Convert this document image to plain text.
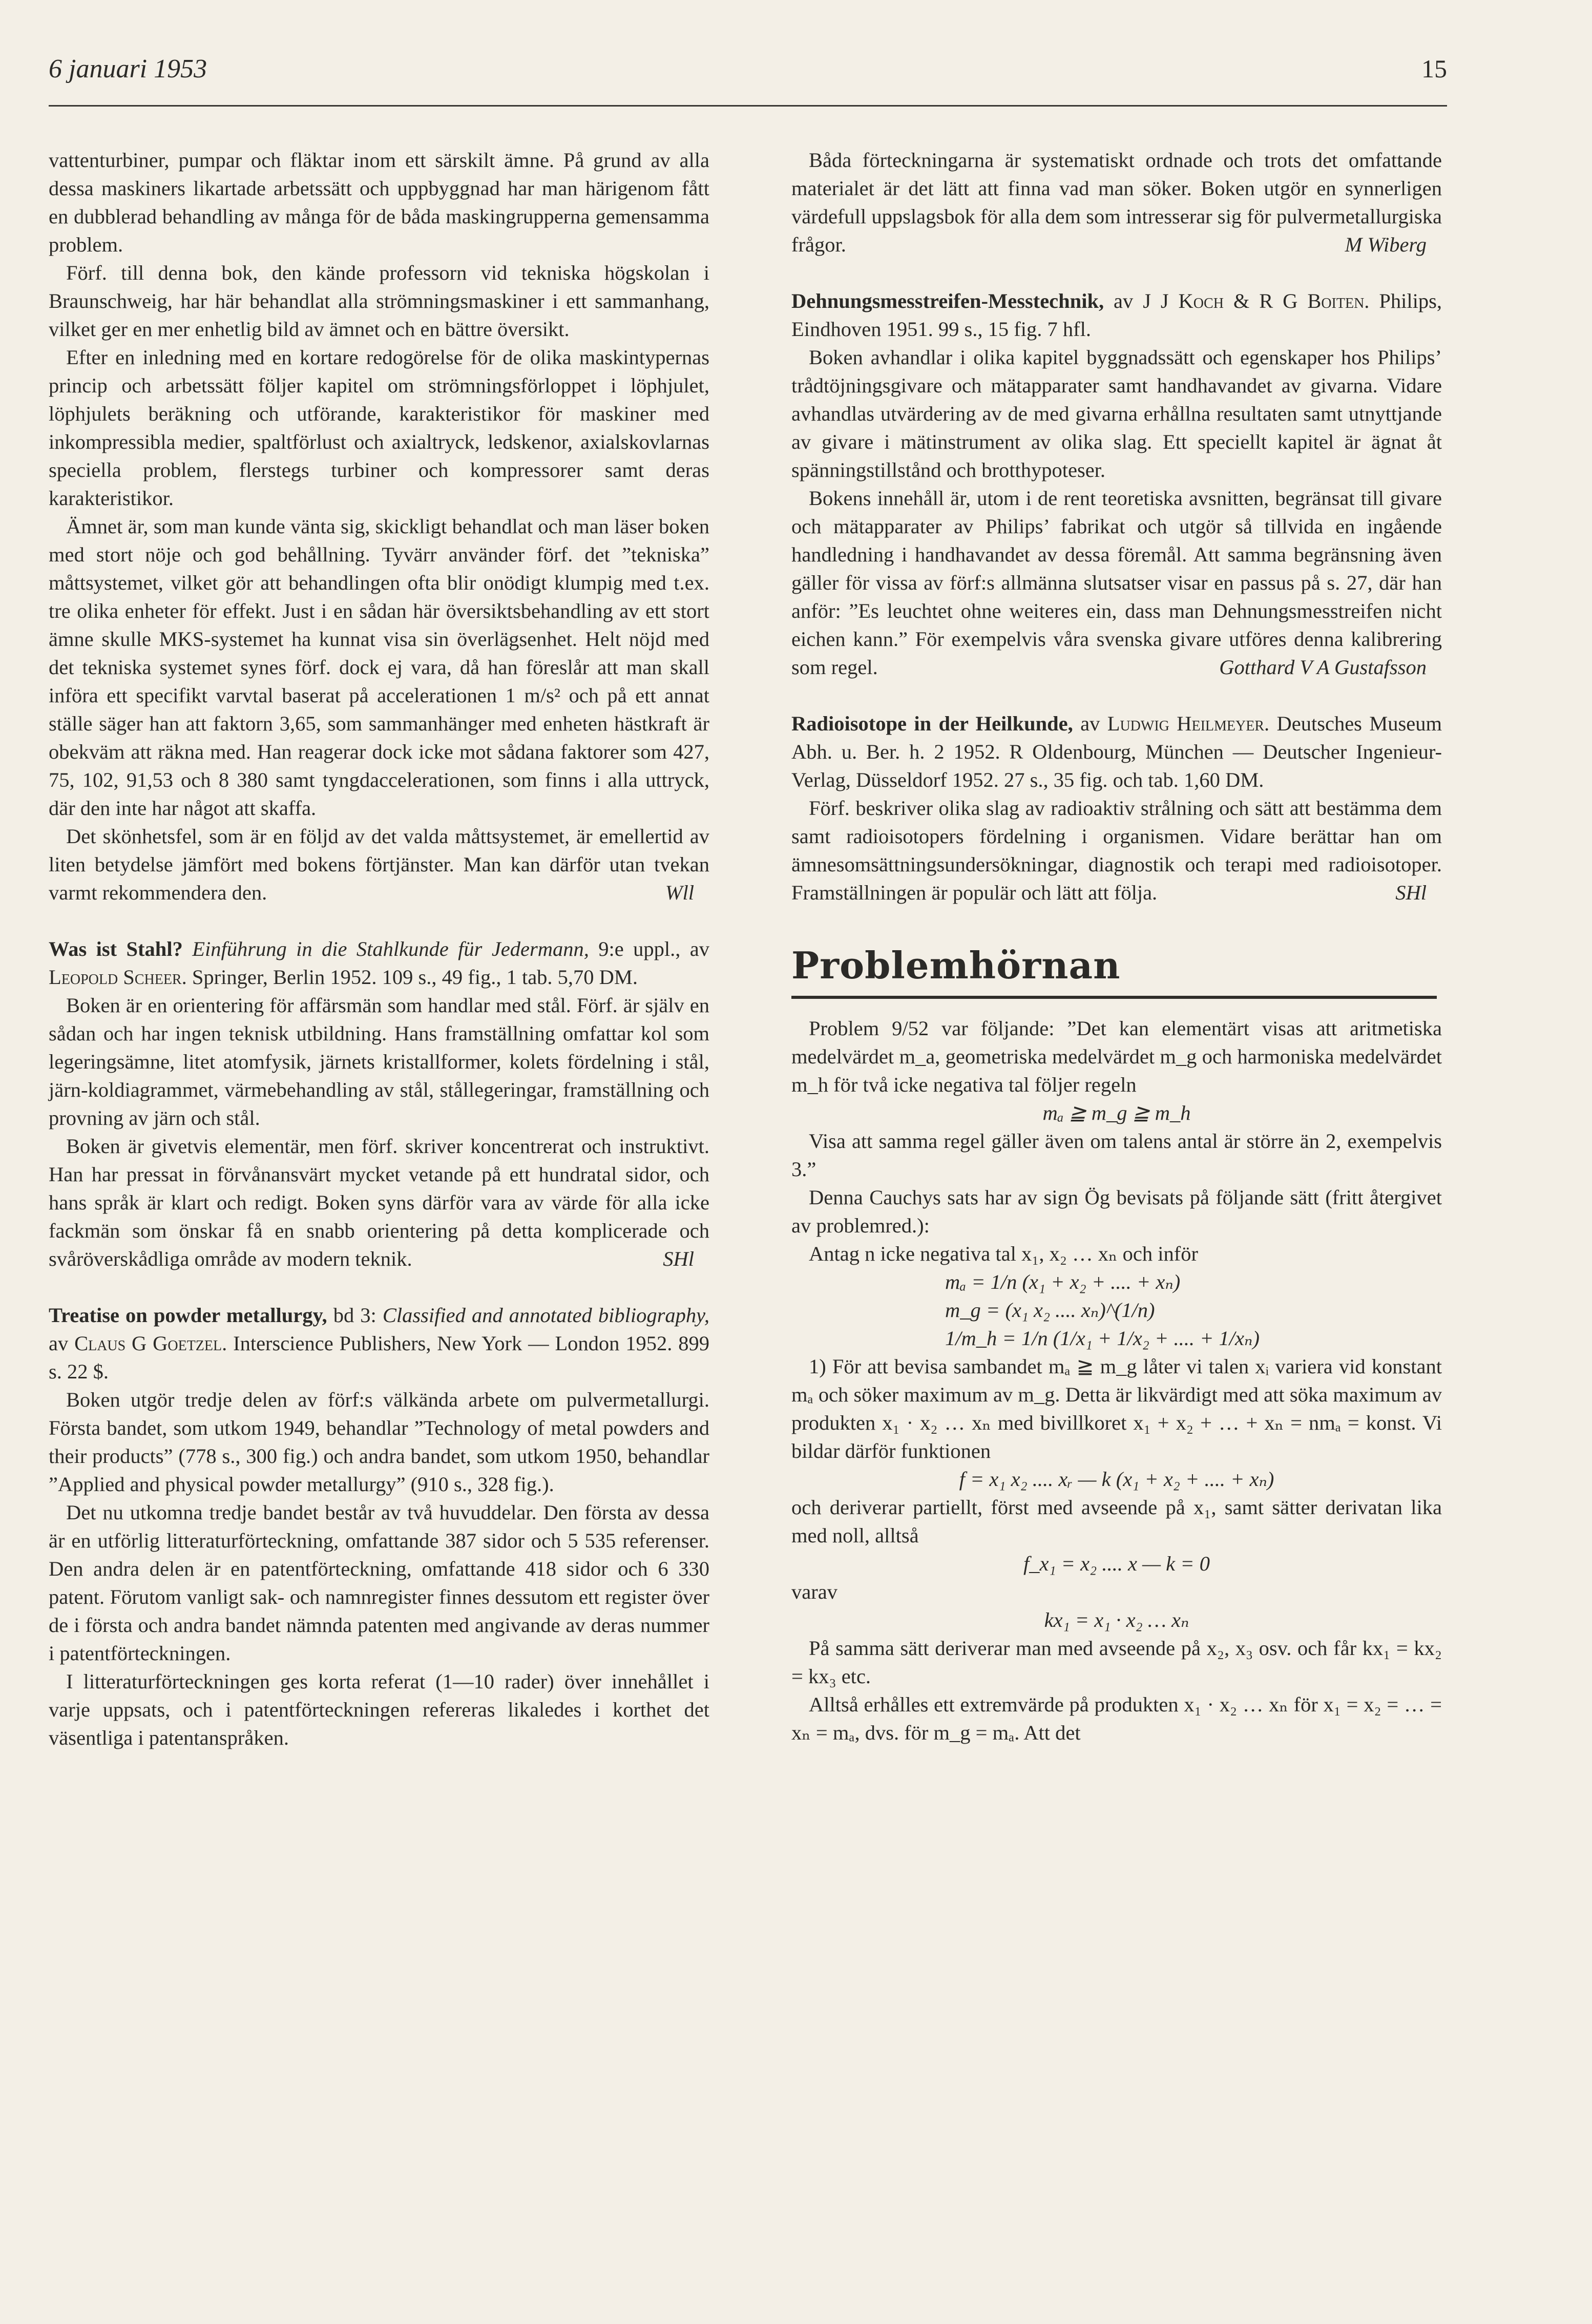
6 januari 1953	15

vattenturbiner, pumpar och fläktar inom ett särskilt ämne. På grund av alla dessa maskiners likartade arbetssätt och uppbyggnad har man härigenom fått en dubblerad behandling av många för de båda maskingrupperna gemensamma problem.

Förf. till denna bok, den kände professorn vid tekniska högskolan i Braunschweig, har här behandlat alla strömningsmaskiner i ett sammanhang, vilket ger en mer enhetlig bild av ämnet och en bättre översikt.

Efter en inledning med en kortare redogörelse för de olika maskintypernas princip och arbetssätt följer kapitel om strömningsförloppet i löphjulet, löphjulets beräkning och utförande, karakteristikor för maskiner med inkompressibla medier, spaltförlust och axialtryck, ledskenor, axialskovlarnas speciella problem, flerstegs turbiner och kompressorer samt deras karakteristikor.

Ämnet är, som man kunde vänta sig, skickligt behandlat och man läser boken med stort nöje och god behållning. Tyvärr använder förf. det ”tekniska” måttsystemet, vilket gör att behandlingen ofta blir onödigt klumpig med t.ex. tre olika enheter för effekt. Just i en sådan här översiktsbehandling av ett stort ämne skulle MKS-systemet ha kunnat visa sin överlägsenhet. Helt nöjd med det tekniska systemet synes förf. dock ej vara, då han föreslår att man skall införa ett specifikt varvtal baserat på accelerationen 1 m/s² och på ett annat ställe säger han att faktorn 3,65, som sammanhänger med enheten hästkraft är obekväm att räkna med. Han reagerar dock icke mot sådana faktorer som 427, 75, 102, 91,53 och 8 380 samt tyngdaccelerationen, som finns i alla uttryck, där den inte har något att skaffa.

Det skönhetsfel, som är en följd av det valda måttsystemet, är emellertid av liten betydelse jämfört med bokens förtjänster. Man kan därför utan tvekan varmt rekommendera den.	Wll

Was ist Stahl? Einführung in die Stahlkunde für Jedermann, 9:e uppl., av Leopold Scheer. Springer, Berlin 1952. 109 s., 49 fig., 1 tab. 5,70 DM.

Boken är en orientering för affärsmän som handlar med stål. Förf. är själv en sådan och har ingen teknisk utbildning. Hans framställning omfattar kol som legeringsämne, litet atomfysik, järnets kristallformer, kolets fördelning i stål, järn-koldiagrammet, värmebehandling av stål, stållegeringar, framställning och provning av järn och stål.

Boken är givetvis elementär, men förf. skriver koncentrerat och instruktivt. Han har pressat in förvånansvärt mycket vetande på ett hundratal sidor, och hans språk är klart och redigt. Boken syns därför vara av värde för alla icke fackmän som önskar få en snabb orientering på detta komplicerade och svåröverskådliga område av modern teknik.	SHl

Treatise on powder metallurgy, bd 3: Classified and annotated bibliography, av Claus G Goetzel. Interscience Publishers, New York — London 1952. 899 s. 22 $.

Boken utgör tredje delen av förf:s välkända arbete om pulvermetallurgi. Första bandet, som utkom 1949, behandlar ”Technology of metal powders and their products” (778 s., 300 fig.) och andra bandet, som utkom 1950, behandlar ”Applied and physical powder metallurgy” (910 s., 328 fig.).

Det nu utkomna tredje bandet består av två huvuddelar. Den första av dessa är en utförlig litteraturförteckning, omfattande 387 sidor och 5 535 referenser. Den andra delen är en patentförteckning, omfattande 418 sidor och 6 330 patent. Förutom vanligt sak- och namnregister finnes dessutom ett register över de i första och andra bandet nämnda patenten med angivande av deras nummer i patentförteckningen.

I litteraturförteckningen ges korta referat (1—10 rader) över innehållet i varje uppsats, och i patentförteckningen refereras likaledes i korthet det väsentliga i patentanspråken.

Båda förteckningarna är systematiskt ordnade och trots det omfattande materialet är det lätt att finna vad man söker. Boken utgör en synnerligen värdefull uppslagsbok för alla dem som intresserar sig för pulvermetallurgiska frågor.	M Wiberg

Dehnungsmesstreifen-Messtechnik, av J J Koch & R G Boiten. Philips, Eindhoven 1951. 99 s., 15 fig. 7 hfl.

Boken avhandlar i olika kapitel byggnadssätt och egenskaper hos Philips’ trådtöjningsgivare och mätapparater samt handhavandet av givarna. Vidare avhandlas utvärdering av de med givarna erhållna resultaten samt utnyttjande av givare i mätinstrument av olika slag. Ett speciellt kapitel är ägnat åt spänningstillstånd och brotthypoteser.

Bokens innehåll är, utom i de rent teoretiska avsnitten, begränsat till givare och mätapparater av Philips’ fabrikat och utgör så tillvida en ingående handledning i handhavandet av dessa föremål. Att samma begränsning även gäller för vissa av förf:s allmänna slutsatser visar en passus på s. 27, där han anför: ”Es leuchtet ohne weiteres ein, dass man Dehnungsmesstreifen nicht eichen kann.” För exempelvis våra svenska givare utföres denna kalibrering som regel.	Gotthard V A Gustafsson

Radioisotope in der Heilkunde, av Ludwig Heilmeyer. Deutsches Museum Abh. u. Ber. h. 2 1952. R Oldenbourg, München — Deutscher Ingenieur-Verlag, Düsseldorf 1952. 27 s., 35 fig. och tab. 1,60 DM.

Förf. beskriver olika slag av radioaktiv strålning och sätt att bestämma dem samt radioisotopers fördelning i organismen. Vidare berättar han om ämnesomsättningsundersökningar, diagnostik och terapi med radioisotoper. Framställningen är populär och lätt att följa.	SHl
Problemhörnan

Problem 9/52 var följande: ”Det kan elementärt visas att aritmetiska medelvärdet m_a, geometriska medelvärdet m_g och harmoniska medelvärdet m_h för två icke negativa tal följer regeln

mₐ ≧ m_g ≧ m_h

Visa att samma regel gäller även om talens antal är större än 2, exempelvis 3.”

Denna Cauchys sats har av sign Ög bevisats på följande sätt (fritt återgivet av problemred.):

Antag n icke negativa tal x₁, x₂ … xₙ och inför

mₐ = 1/n (x₁ + x₂ + .... + xₙ)

m_g = (x₁ x₂ .... xₙ)^(1/n)

1/m_h = 1/n (1/x₁ + 1/x₂ + .... + 1/xₙ)

1) För att bevisa sambandet mₐ ≧ m_g låter vi talen xᵢ variera vid konstant mₐ och söker maximum av m_g. Detta är likvärdigt med att söka maximum av produkten x₁ · x₂ … xₙ med bivillkoret x₁ + x₂ + … + xₙ = nmₐ = konst. Vi bildar därför funktionen

f = x₁ x₂ .... xᵣ — k (x₁ + x₂ + .... + xₙ)

och deriverar partiellt, först med avseende på x₁, samt sätter derivatan lika med noll, alltså

f_x₁ = x₂ .... x — k = 0

varav

kx₁ = x₁ · x₂ … xₙ

På samma sätt deriverar man med avseende på x₂, x₃ osv. och får kx₁ = kx₂ = kx₃ etc.

Alltså erhålles ett extremvärde på produkten x₁ · x₂ … xₙ för x₁ = x₂ = … = xₙ = mₐ, dvs. för m_g = mₐ. Att det
